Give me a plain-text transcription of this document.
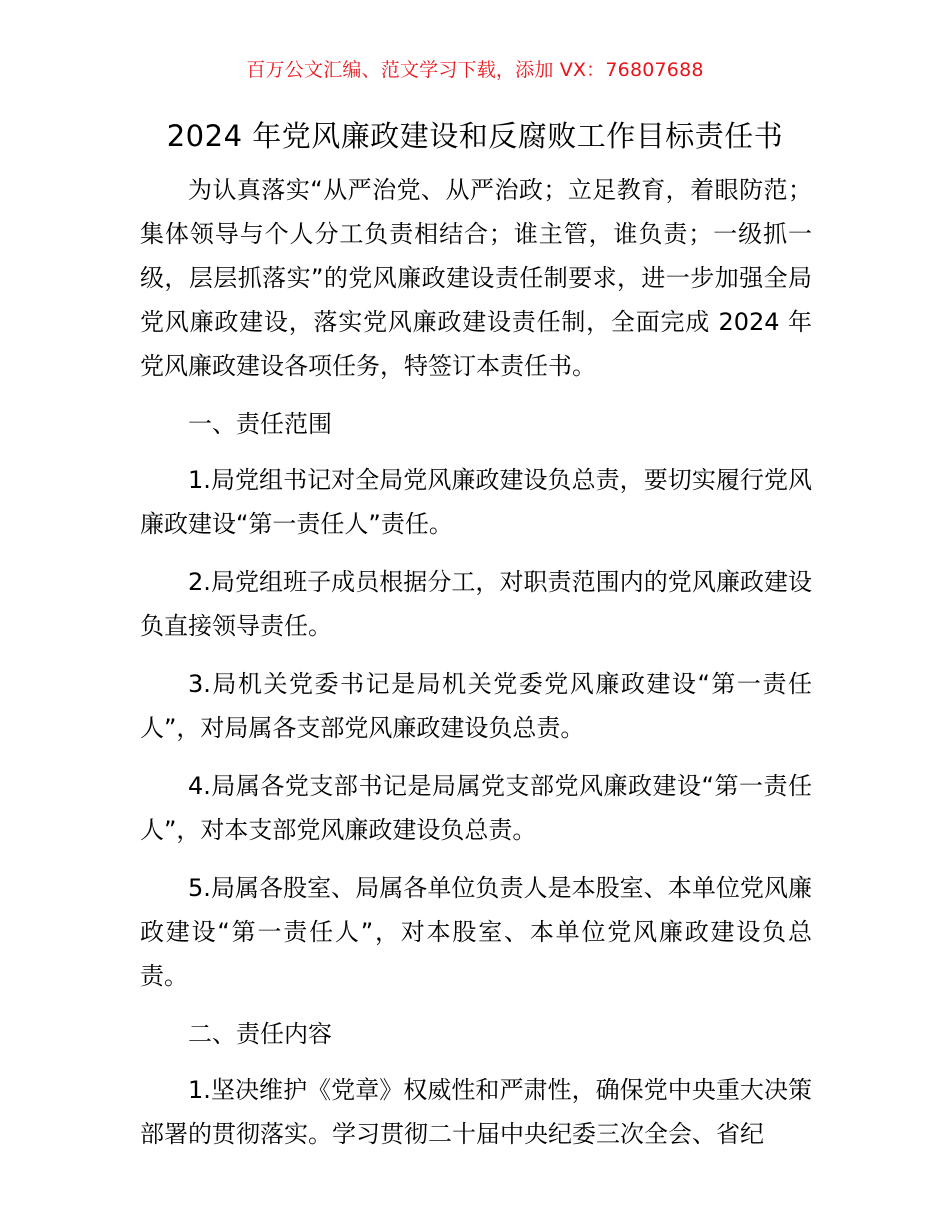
百万公文汇编、范文学习下载，添加 VX：76807688
2024 年党风廉政建设和反腐败工作目标责任书

为认真落实“从严治党、从严治政；立足教育，着眼防范；集体领导与个人分工负责相结合；谁主管，谁负责；一级抓一级，层层抓落实”的党风廉政建设责任制要求，进一步加强全局党风廉政建设，落实党风廉政建设责任制，全面完成 2024 年党风廉政建设各项任务，特签订本责任书。

一、责任范围

1.局党组书记对全局党风廉政建设负总责，要切实履行党风廉政建设“第一责任人”责任。

2.局党组班子成员根据分工，对职责范围内的党风廉政建设负直接领导责任。

3.局机关党委书记是局机关党委党风廉政建设“第一责任人”，对局属各支部党风廉政建设负总责。

4.局属各党支部书记是局属党支部党风廉政建设“第一责任人”，对本支部党风廉政建设负总责。

5.局属各股室、局属各单位负责人是本股室、本单位党风廉政建设“第一责任人”，对本股室、本单位党风廉政建设负总责。

二、责任内容

1.坚决维护《党章》权威性和严肃性，确保党中央重大决策部署的贯彻落实。学习贯彻二十届中央纪委三次全会、省纪
